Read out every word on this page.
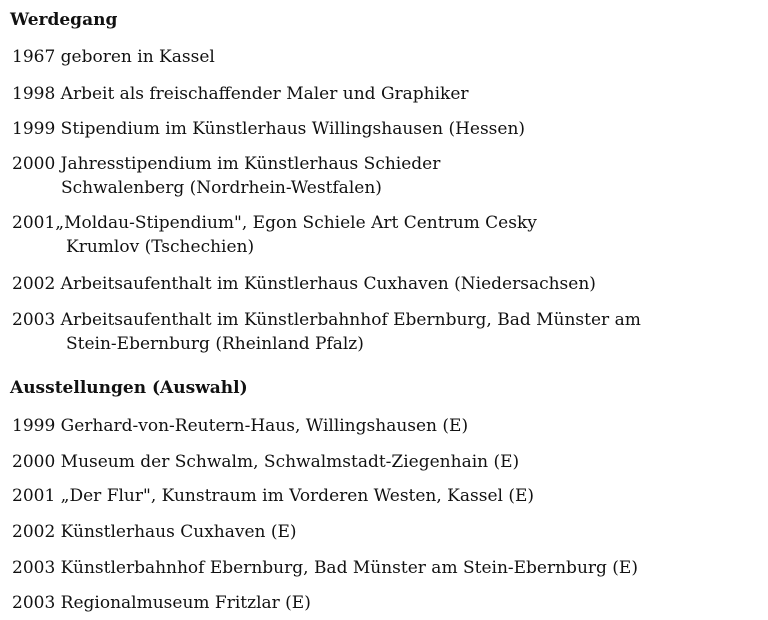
Werdegang
1967 geboren in Kassel
1998 Arbeit als freischaffender Maler und Graphiker
1999 Stipendium im Künstlerhaus Willingshausen (Hessen)
2000 Jahresstipendium im Künstlerhaus Schieder
Schwalenberg (Nordrhein-Westfalen)
2001„Moldau-Stipendium", Egon Schiele Art Centrum Cesky
Krumlov (Tschechien)
2002 Arbeitsaufenthalt im Künstlerhaus Cuxhaven (Niedersachsen)
2003 Arbeitsaufenthalt im Künstlerbahnhof Ebernburg, Bad Münster am
Stein-Ebernburg (Rheinland Pfalz)
Ausstellungen (Auswahl)
1999 Gerhard-von-Reutern-Haus, Willingshausen (E)
2000 Museum der Schwalm, Schwalmstadt-Ziegenhain (E)
2001 „Der Flur", Kunstraum im Vorderen Westen, Kassel (E)
2002 Künstlerhaus Cuxhaven (E)
2003 Künstlerbahnhof Ebernburg, Bad Münster am Stein-Ebernburg (E)
2003 Regionalmuseum Fritzlar (E)
